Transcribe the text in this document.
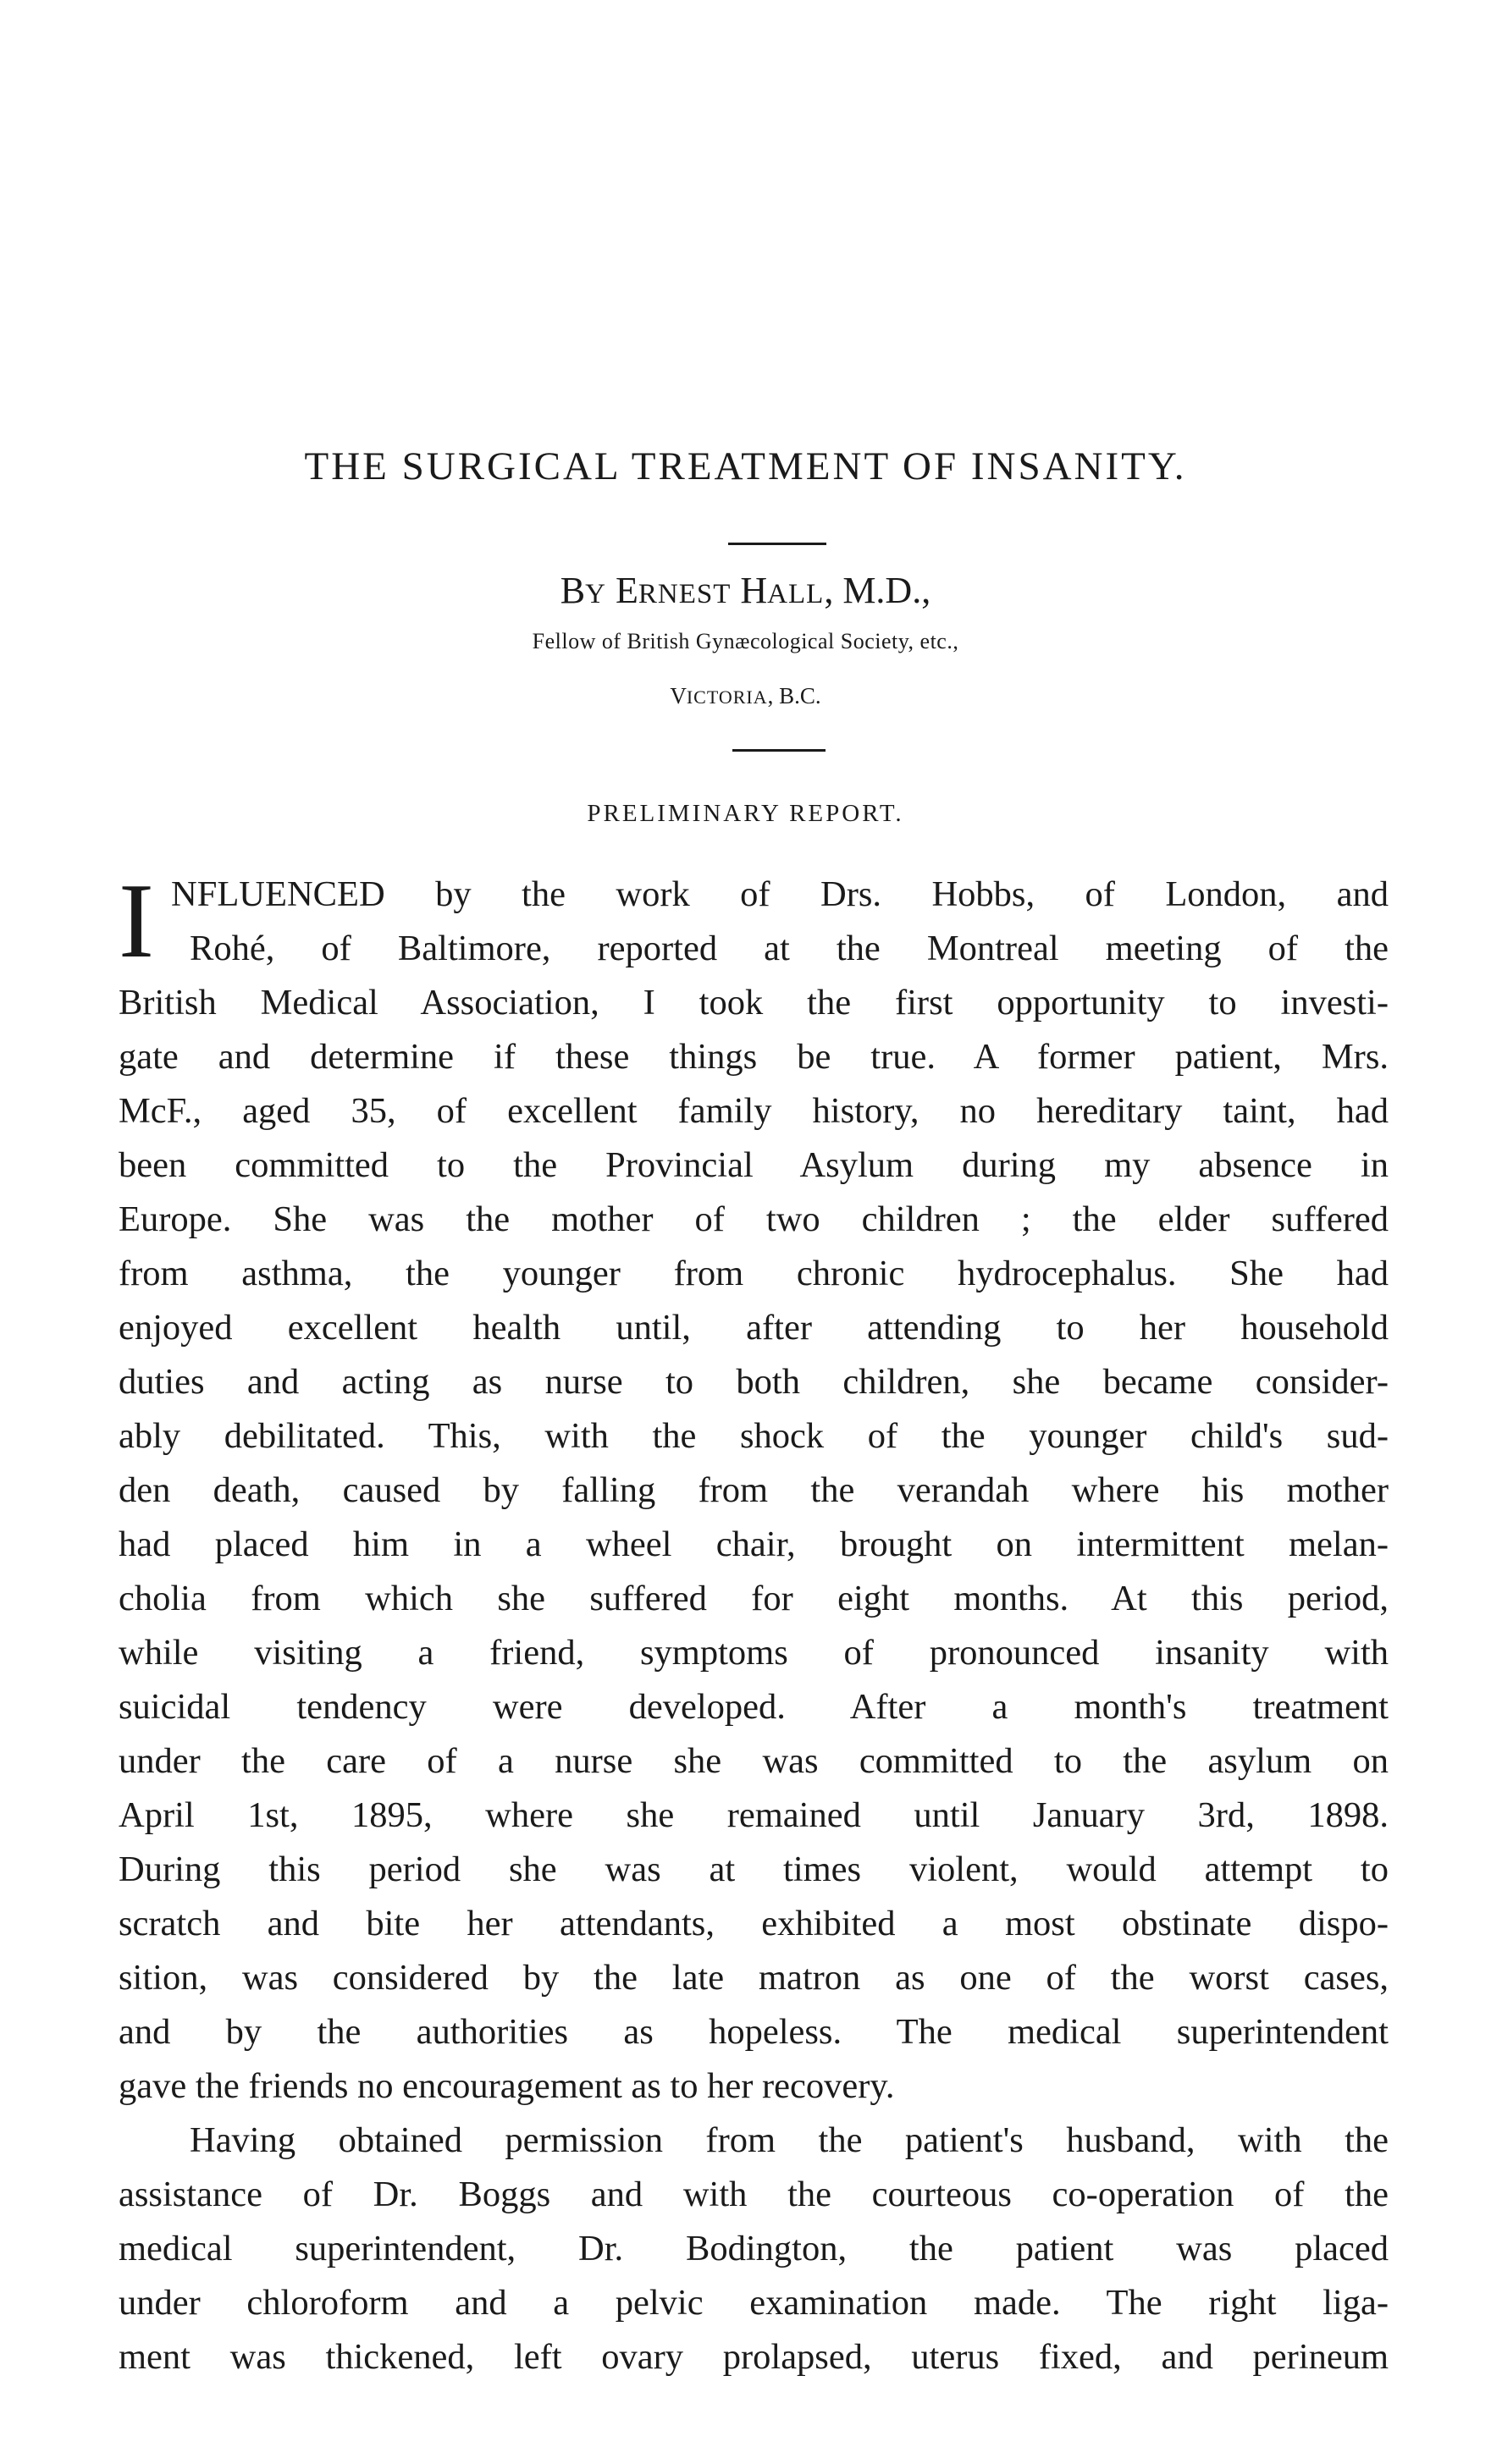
THE SURGICAL TREATMENT OF INSANITY.
BY ERNEST HALL, M.D.,
Fellow of British Gynæcological Society, etc.,
VICTORIA, B.C.
PRELIMINARY REPORT.
I NFLUENCED by the work of Drs. Hobbs, of London, and
Rohé, of Baltimore, reported at the Montreal meeting of the
British Medical Association, I took the first opportunity to investi-
gate and determine if these things be true. A former patient, Mrs.
McF., aged 35, of excellent family history, no hereditary taint, had
been committed to the Provincial Asylum during my absence in
Europe. She was the mother of two children ; the elder suffered
from asthma, the younger from chronic hydrocephalus. She had
enjoyed excellent health until, after attending to her household
duties and acting as nurse to both children, she became consider-
ably debilitated. This, with the shock of the younger child's sud-
den death, caused by falling from the verandah where his mother
had placed him in a wheel chair, brought on intermittent melan-
cholia from which she suffered for eight months. At this period,
while visiting a friend, symptoms of pronounced insanity with
suicidal tendency were developed. After a month's treatment
under the care of a nurse she was committed to the asylum on
April 1st, 1895, where she remained until January 3rd, 1898.
During this period she was at times violent, would attempt to
scratch and bite her attendants, exhibited a most obstinate dispo-
sition, was considered by the late matron as one of the worst cases,
and by the authorities as hopeless. The medical superintendent
gave the friends no encouragement as to her recovery.
Having obtained permission from the patient's husband, with the
assistance of Dr. Boggs and with the courteous co-operation of the
medical superintendent, Dr. Bodington, the patient was placed
under chloroform and a pelvic examination made. The right liga-
ment was thickened, left ovary prolapsed, uterus fixed, and perineum
